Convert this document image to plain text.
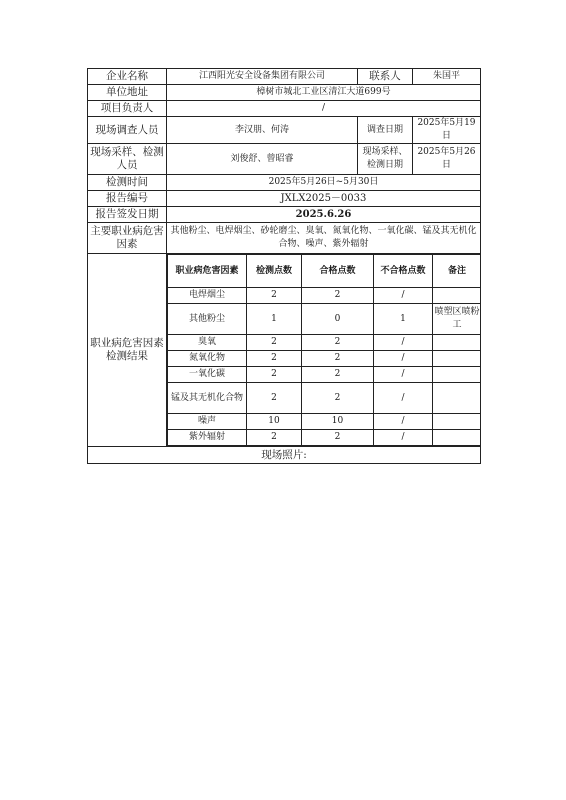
企业名称	江西阳光安全设备集团有限公司	联系人	朱国平
单位地址	樟树市城北工业区清江大道699号
项目负责人	/
现场调查人员	李汉朋、何涛	调查日期	2025年5月19日
现场采样、检测人员	刘俊舒、曾昭睿	现场采样、检测日期	2025年5月26日
检测时间	2025年5月26日~5月30日
报告编号	JXLX2025－0033
报告签发日期	2025.6.26
主要职业病危害因素	其他粉尘、电焊烟尘、砂轮磨尘、臭氧、氮氧化物、一氧化碳、锰及其无机化合物、噪声、紫外辐射
职业病危害因素检测结果	
职业病危害因素	检测点数	合格点数	不合格点数	备注
电焊烟尘	2	2	/	
其他粉尘	1	0	1	喷塑区喷粉工
臭氧	2	2	/	
氮氧化物	2	2	/	
一氧化碳	2	2	/	
锰及其无机化合物	2	2	/	
噪声	10	10	/	
紫外辐射	2	2	/	

现场照片:
